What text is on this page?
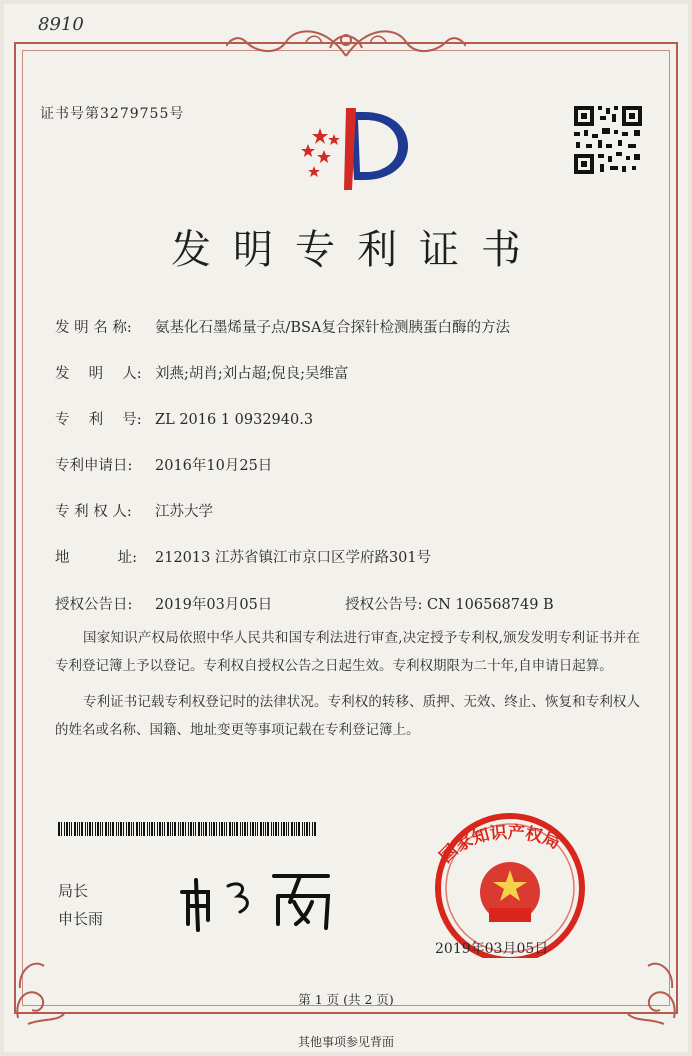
8910
证书号第3279755号
发明专利证书
发 明 名 称: 氨基化石墨烯量子点/BSA复合探针检测胰蛋白酶的方法
发　 明　 人: 刘燕;胡肖;刘占超;倪良;吴维富
专　 利　 号: ZL 2016 1 0932940.3
专利申请日: 2016年10月25日
专 利 权 人: 江苏大学
地　　　 址: 212013 江苏省镇江市京口区学府路301号
授权公告日: 2019年03月05日	授权公告号: CN 106568749 B
国家知识产权局依照中华人民共和国专利法进行审查,决定授予专利权,颁发发明专利证书并在专利登记簿上予以登记。专利权自授权公告之日起生效。专利权期限为二十年,自申请日起算。
专利证书记载专利权登记时的法律状况。专利权的转移、质押、无效、终止、恢复和专利权人的姓名或名称、国籍、地址变更等事项记载在专利登记簿上。
局长
申长雨
国家知识产权局
2019年03月05日
第 1 页 (共 2 页)
其他事项参见背面
